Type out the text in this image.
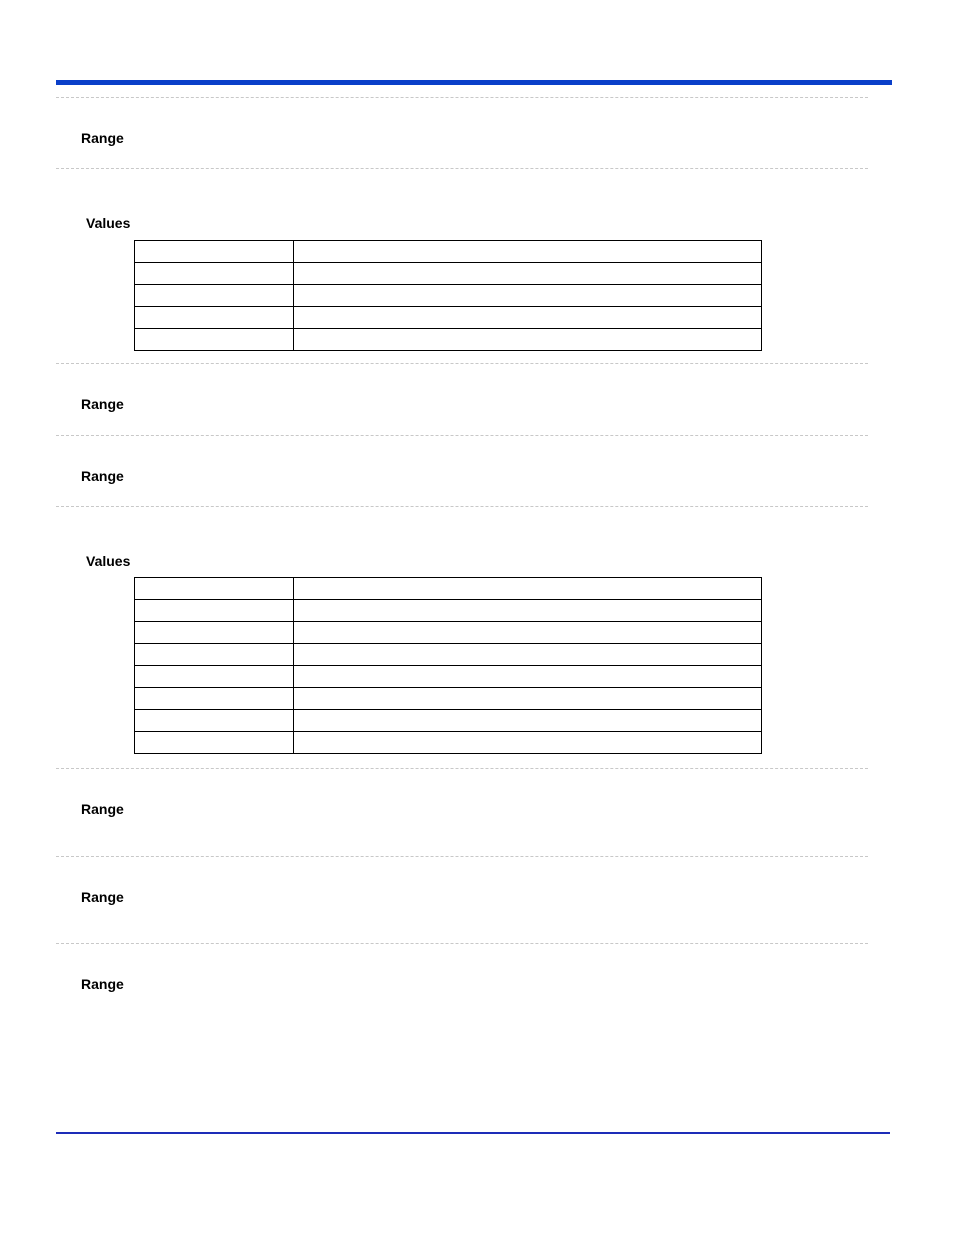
Range
Values

Range
Range
Values

Range
Range
Range
